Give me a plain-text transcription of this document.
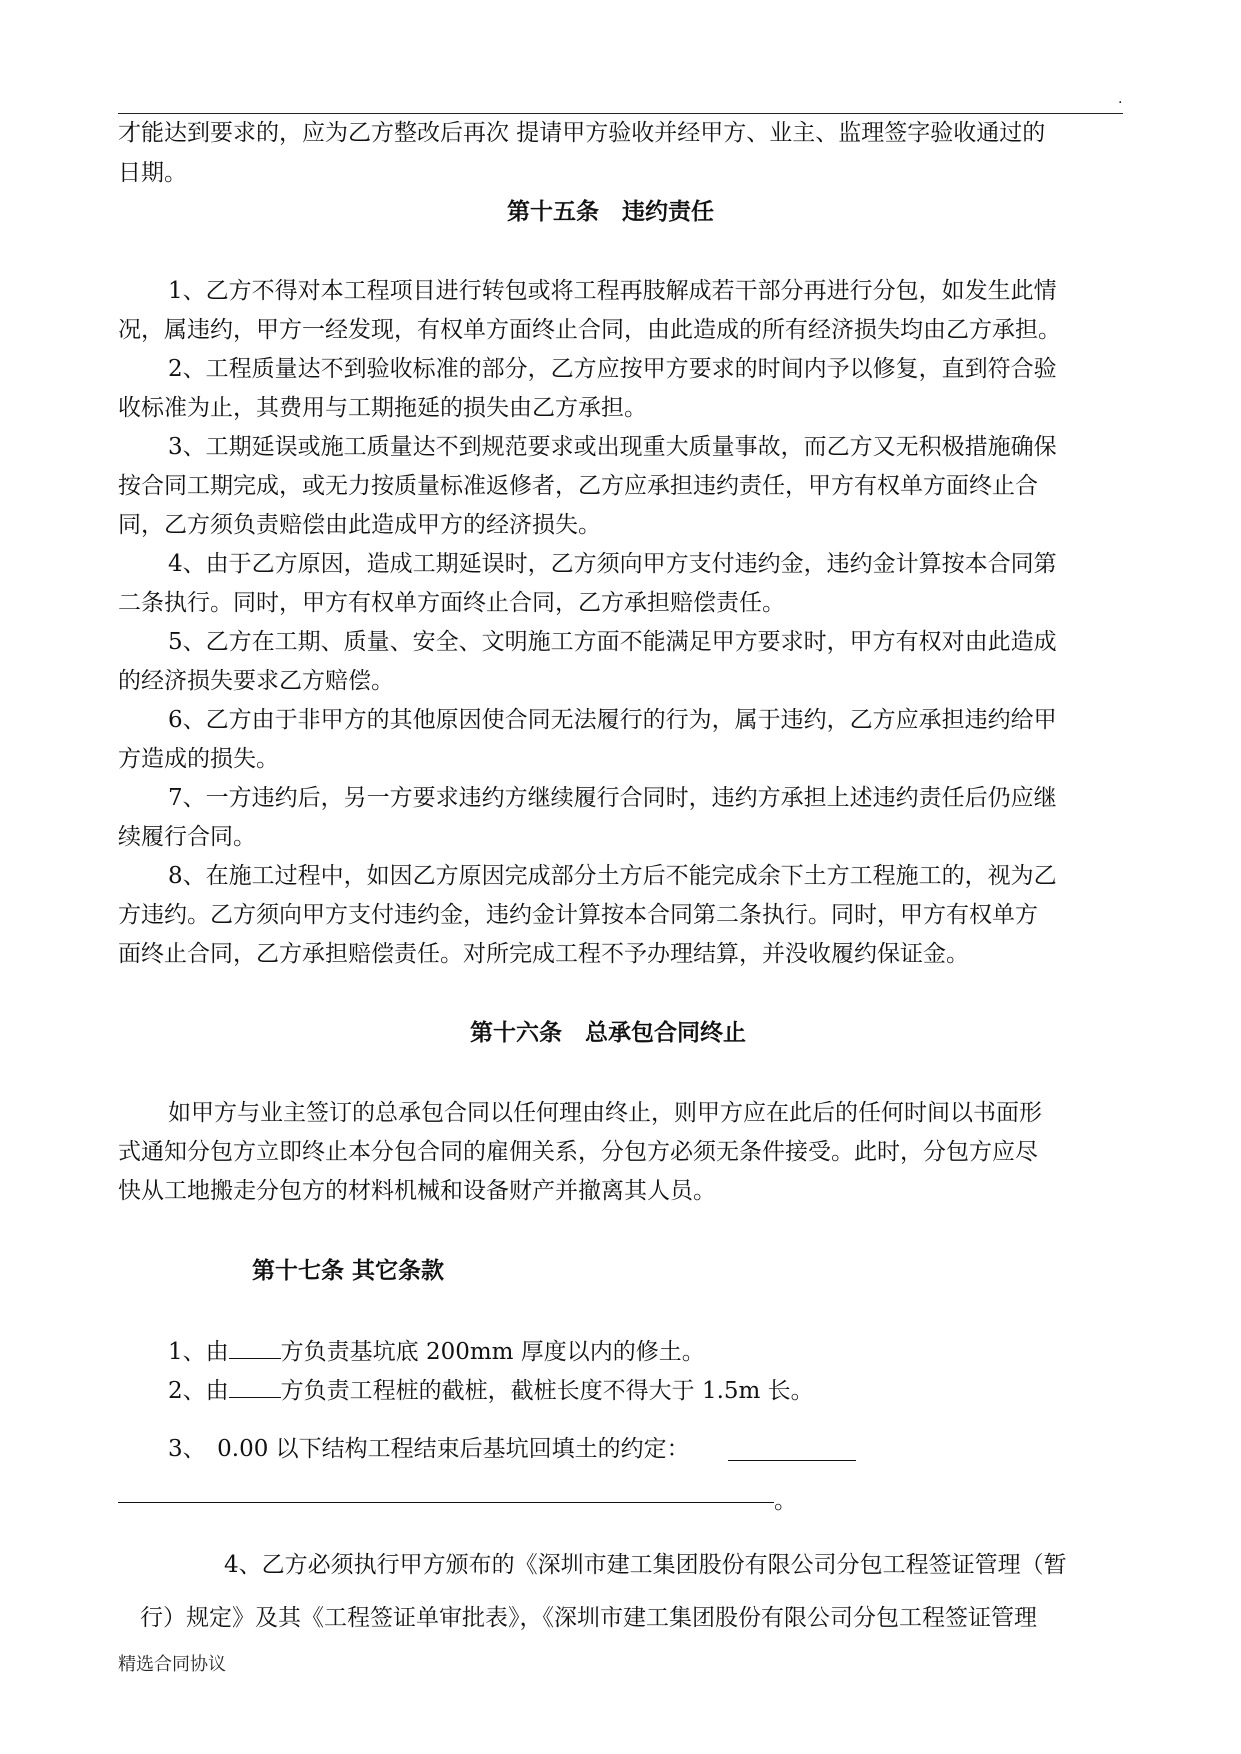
.
才能达到要求的，应为乙方整改后再次 提请甲方验收并经甲方、业主、监理签字验收通过的
日期。
第十五条　违约责任
1、乙方不得对本工程项目进行转包或将工程再肢解成若干部分再进行分包，如发生此情
况，属违约，甲方一经发现，有权单方面终止合同，由此造成的所有经济损失均由乙方承担。
2、工程质量达不到验收标准的部分，乙方应按甲方要求的时间内予以修复，直到符合验
收标准为止，其费用与工期拖延的损失由乙方承担。
3、工期延误或施工质量达不到规范要求或出现重大质量事故，而乙方又无积极措施确保
按合同工期完成，或无力按质量标准返修者，乙方应承担违约责任，甲方有权单方面终止合
同，乙方须负责赔偿由此造成甲方的经济损失。
4、由于乙方原因，造成工期延误时，乙方须向甲方支付违约金，违约金计算按本合同第
二条执行。同时，甲方有权单方面终止合同，乙方承担赔偿责任。
5、乙方在工期、质量、安全、文明施工方面不能满足甲方要求时，甲方有权对由此造成
的经济损失要求乙方赔偿。
6、乙方由于非甲方的其他原因使合同无法履行的行为，属于违约，乙方应承担违约给甲
方造成的损失。
7、一方违约后，另一方要求违约方继续履行合同时，违约方承担上述违约责任后仍应继
续履行合同。
8、在施工过程中，如因乙方原因完成部分土方后不能完成余下土方工程施工的，视为乙
方违约。乙方须向甲方支付违约金，违约金计算按本合同第二条执行。同时，甲方有权单方
面终止合同，乙方承担赔偿责任。对所完成工程不予办理结算，并没收履约保证金。
第十六条　总承包合同终止
如甲方与业主签订的总承包合同以任何理由终止，则甲方应在此后的任何时间以书面形
式通知分包方立即终止本分包合同的雇佣关系，分包方必须无条件接受。此时，分包方应尽
快从工地搬走分包方的材料机械和设备财产并撤离其人员。
第十七条 其它条款
1、由 方负责基坑底 200mm 厚度以内的修土。
2、由 方负责工程桩的截桩，截桩长度不得大于 1.5m 长。
3、　0.00 以下结构工程结束后基坑回填土的约定：
。
4、乙方必须执行甲方颁布的《深圳市建工集团股份有限公司分包工程签证管理（暂
行）规定》及其《工程签证单审批表》，《深圳市建工集团股份有限公司分包工程签证管理
精选合同协议
